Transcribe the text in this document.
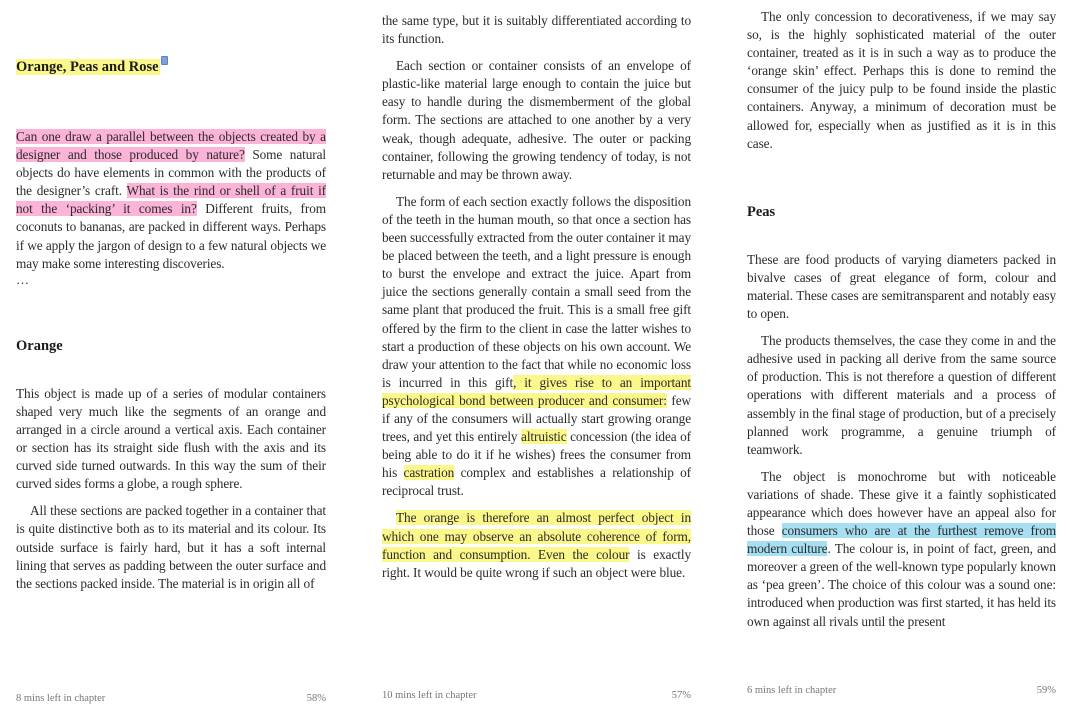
Orange, Peas and Rose

Can one draw a parallel between the objects created by a designer and those produced by nature? Some natural objects do have elements in common with the products of the designer’s craft. What is the rind or shell of a fruit if not the ‘packing’ it comes in? Different fruits, from coconuts to bananas, are packed in different ways. Perhaps if we apply the jargon of design to a few natural objects we may make some interesting discoveries.

…

Orange

This object is made up of a series of modular containers shaped very much like the segments of an orange and arranged in a circle around a vertical axis. Each container or section has its straight side flush with the axis and its curved side turned outwards. In this way the sum of their curved sides forms a globe, a rough sphere.

All these sections are packed together in a container that is quite distinctive both as to its material and its colour. Its outside surface is fairly hard, but it has a soft internal lining that serves as padding between the outer surface and the sections packed inside. The material is in origin all of

8 mins left in chapter	58%

the same type, but it is suitably differentiated according to its function.

Each section or container consists of an envelope of plastic-like material large enough to contain the juice but easy to handle during the dismemberment of the global form. The sections are attached to one another by a very weak, though adequate, adhesive. The outer or packing container, following the growing tendency of today, is not returnable and may be thrown away.

The form of each section exactly follows the disposition of the teeth in the human mouth, so that once a section has been successfully extracted from the outer container it may be placed between the teeth, and a light pressure is enough to burst the envelope and extract the juice. Apart from juice the sections generally contain a small seed from the same plant that produced the fruit. This is a small free gift offered by the firm to the client in case the latter wishes to start a production of these objects on his own account. We draw your attention to the fact that while no economic loss is incurred in this gift, it gives rise to an important psychological bond between producer and consumer: few if any of the consumers will actually start growing orange trees, and yet this entirely altruistic concession (the idea of being able to do it if he wishes) frees the consumer from his castration complex and establishes a relationship of reciprocal trust.

The orange is therefore an almost perfect object in which one may observe an absolute coherence of form, function and consumption. Even the colour is exactly right. It would be quite wrong if such an object were blue.

10 mins left in chapter	57%

The only concession to decorativeness, if we may say so, is the highly sophisticated material of the outer container, treated as it is in such a way as to produce the ‘orange skin’ effect. Perhaps this is done to remind the consumer of the juicy pulp to be found inside the plastic containers. Anyway, a minimum of decoration must be allowed for, especially when as justified as it is in this case.

Peas

These are food products of varying diameters packed in bivalve cases of great elegance of form, colour and material. These cases are semitransparent and notably easy to open.

The products themselves, the case they come in and the adhesive used in packing all derive from the same source of production. This is not therefore a question of different operations with different materials and a process of assembly in the final stage of production, but of a precisely planned work programme, a genuine triumph of teamwork.

The object is monochrome but with noticeable variations of shade. These give it a faintly sophisticated appearance which does however have an appeal also for those consumers who are at the furthest remove from modern culture. The colour is, in point of fact, green, and moreover a green of the well-known type popularly known as ‘pea green’. The choice of this colour was a sound one: introduced when production was first started, it has held its own against all rivals until the present

6 mins left in chapter	59%
